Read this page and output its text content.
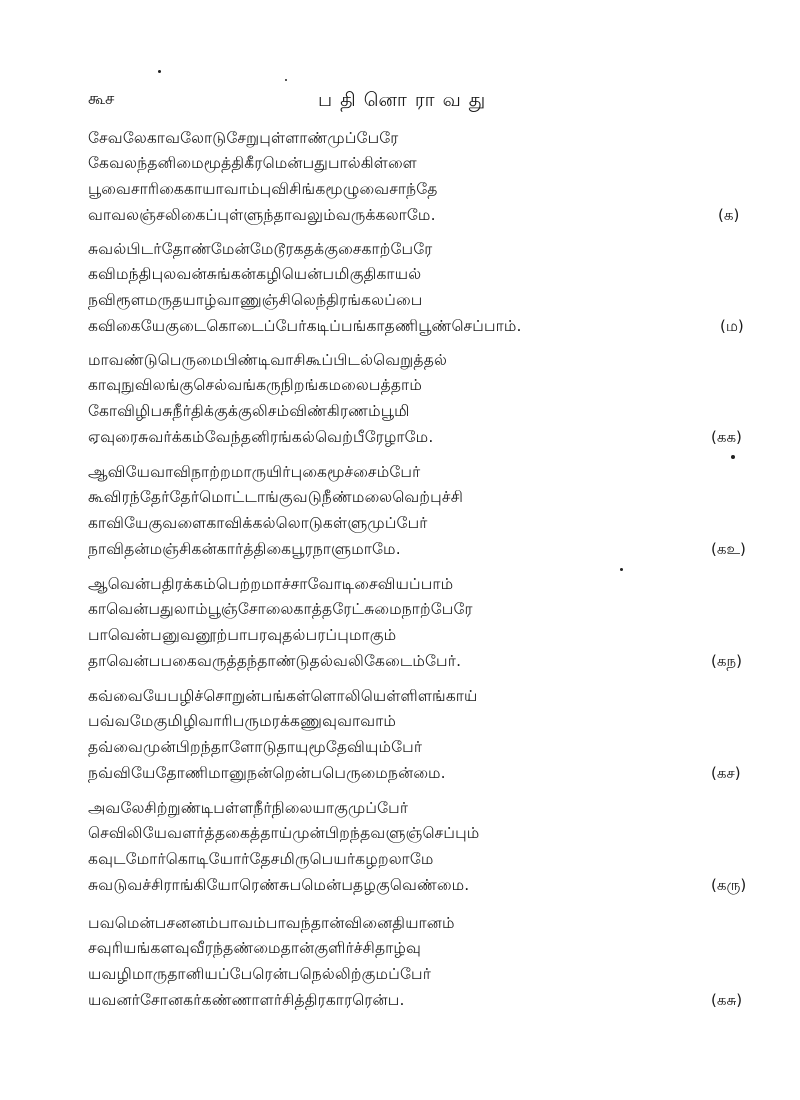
கூச	பதினொராவது
சேவலேகாவலோடுசேறுபுள்ளாண்முப்பேரே
கேவலந்தனிமைமூத்திகீரமென்பதுபால்கிள்ளை
பூவைசாரிகைகாயாவாம்புவிசிங்கமூழுவைசாந்தே
வாவலஞ்சலிகைப்புள்ளுந்தாவலும்வருக்கலாமே.	(க)
சுவல்பிடர்தோண்மேன்மேடூரகதக்குசைகாற்பேரே
கவிமந்திபுலவன்சுங்கன்கழியென்பமிகுதிகாயல்
நவிரூளமருதயாழ்வாணுஞ்சிலெந்திரங்கலப்பை
கவிகையேகுடைகொடைப்பேர்கடிப்பங்காதணிபூண்செப்பாம்.	(ம)
மாவண்டுபெருமைபிண்டிவாசிகூப்பிடல்வெறுத்தல்
காவுநுவிலங்குசெல்வங்கருநிறங்கமலைபத்தாம்
கோவிழிபசுநீர்திக்குக்குலிசம்விண்கிரணம்பூமி
ஏவுரைசுவர்க்கம்வேந்தனிரங்கல்வெற்பீரேழாமே.	(கக)
ஆவியேவாவிநாற்றமாருயிர்புகைமூச்சைம்பேர்
கூவிரந்தேர்தேர்மொட்டாங்குவடுநீண்மலைவெற்புச்சி
காவியேகுவளைகாவிக்கல்லொடுகள்ளுமுப்பேர்
நாவிதன்மஞ்சிகன்கார்த்திகைபூரநாளுமாமே.	(கஉ)
ஆவென்பதிரக்கம்பெற்றமாச்சாவோடிசைவியப்பாம்
காவென்பதுலாம்பூஞ்சோலைகாத்தரேட்சுமைநாற்பேரே
பாவென்பனுவனூற்பாபரவுதல்பரப்புமாகும்
தாவென்பபகைவருத்தந்தாண்டுதல்வலிகேடைம்பேர்.	(கந)
கவ்வையேபழிச்சொறுன்பங்கள்ளொலியெள்ளிளங்காய்
பவ்வமேகுமிழிவாரிபருமரக்கணுவுவாவாம்
தவ்வைமுன்பிறந்தாளோடுதாயுமூதேவியும்பேர்
நவ்வியேதோணிமானுநன்றென்பபெருமைநன்மை.	(கச)
அவலேசிற்றுண்டிபள்ளநீர்நிலையாகுமுப்பேர்
செவிலியேவளர்த்தகைத்தாய்முன்பிறந்தவளுஞ்செப்பும்
கவுடமோர்கொடியோர்தேசமிருபெயர்கழறலாமே
சுவடுவச்சிராங்கியோரெண்சுபமென்பதழகுவெண்மை.	(கரு)
பவமென்பசனனம்பாவம்பாவந்தான்வினைதியானம்
சவுரியங்களவுவீரந்தண்மைதான்குளிர்ச்சிதாழ்வு
யவழிமாருதானியப்பேரென்பநெல்லிற்குமப்பேர்
யவனர்சோனகர்கண்ணாளர்சித்திரகாரரென்ப.	(கசு)
